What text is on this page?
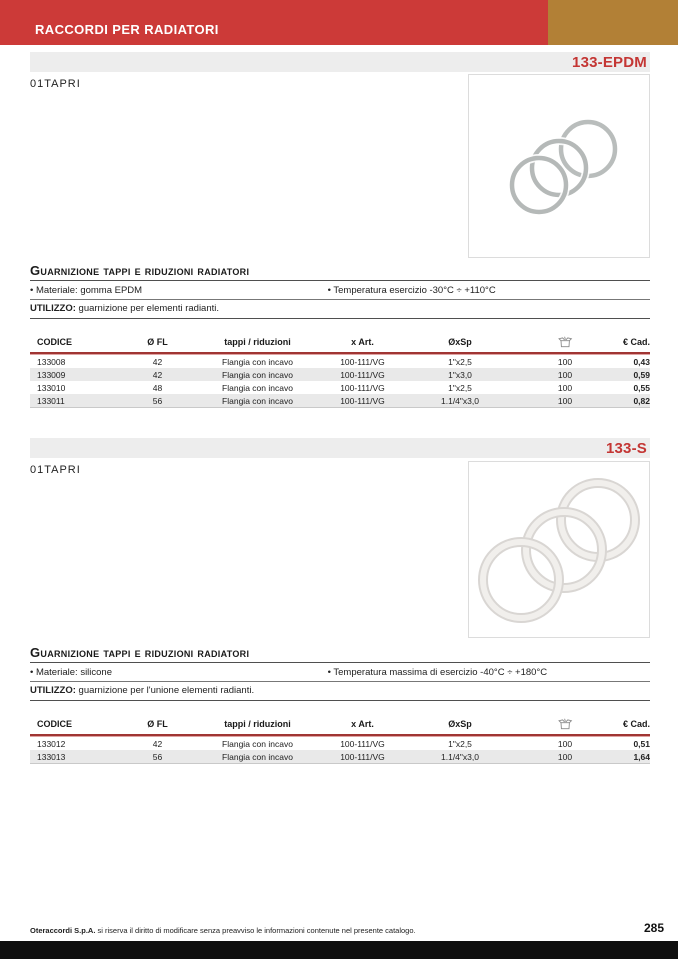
RACCORDI PER RADIATORI
133-EPDM
01TAPRI
Guarnizione tappi e riduzioni radiatori
• Materiale: gomma EPDM	• Temperatura esercizio -30°C ÷ +110°C
UTILIZZO: guarnizione per elementi radianti.
CODICE	Ø FL	tappi / riduzioni	x Art.	ØxSp	€ Cad.
133008	42	Flangia con incavo	100-111/VG	1"x2,5	100	0,43
133009	42	Flangia con incavo	100-111/VG	1"x3,0	100	0,59
133010	48	Flangia con incavo	100-111/VG	1"x2,5	100	0,55
133011	56	Flangia con incavo	100-111/VG	1.1/4"x3,0	100	0,82
133-S
01TAPRI
Guarnizione tappi e riduzioni radiatori
• Materiale: silicone	• Temperatura massima di esercizio -40°C ÷ +180°C
UTILIZZO: guarnizione per l'unione elementi radianti.
CODICE	Ø FL	tappi / riduzioni	x Art.	ØxSp	€ Cad.
133012	42	Flangia con incavo	100-111/VG	1"x2,5	100	0,51
133013	56	Flangia con incavo	100-111/VG	1.1/4"x3,0	100	1,64
Oteraccordi S.p.A. si riserva il diritto di modificare senza preavviso le informazioni contenute nel presente catalogo.	285
